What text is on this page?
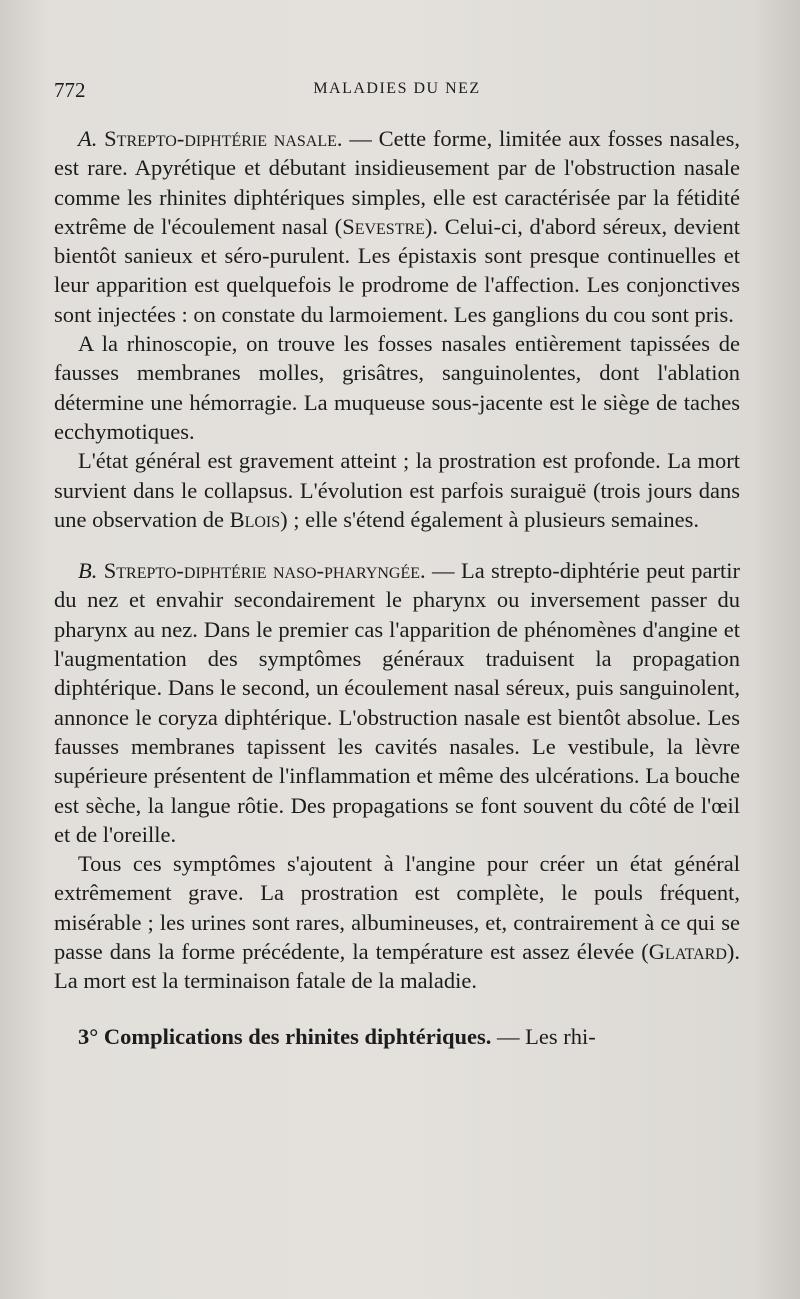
772	MALADIES DU NEZ

A. Strepto-diphtérie nasale. — Cette forme, limitée aux fosses nasales, est rare. Apyrétique et débutant insidieusement par de l'obstruction nasale comme les rhinites diphtériques simples, elle est caractérisée par la fétidité extrême de l'écoulement nasal (Sevestre). Celui-ci, d'abord séreux, devient bientôt sanieux et séro-purulent. Les épistaxis sont presque continuelles et leur apparition est quelquefois le prodrome de l'affection. Les conjonctives sont injectées : on constate du larmoiement. Les ganglions du cou sont pris.

A la rhinoscopie, on trouve les fosses nasales entièrement tapissées de fausses membranes molles, grisâtres, sanguinolentes, dont l'ablation détermine une hémorragie. La muqueuse sous-jacente est le siège de taches ecchymotiques.

L'état général est gravement atteint ; la prostration est profonde. La mort survient dans le collapsus. L'évolution est parfois suraiguë (trois jours dans une observation de Blois) ; elle s'étend également à plusieurs semaines.

B. Strepto-diphtérie naso-pharyngée. — La strepto-diphtérie peut partir du nez et envahir secondairement le pharynx ou inversement passer du pharynx au nez. Dans le premier cas l'apparition de phénomènes d'angine et l'augmentation des symptômes généraux traduisent la propagation diphtérique. Dans le second, un écoulement nasal séreux, puis sanguinolent, annonce le coryza diphtérique. L'obstruction nasale est bientôt absolue. Les fausses membranes tapissent les cavités nasales. Le vestibule, la lèvre supérieure présentent de l'inflammation et même des ulcérations. La bouche est sèche, la langue rôtie. Des propagations se font souvent du côté de l'œil et de l'oreille.

Tous ces symptômes s'ajoutent à l'angine pour créer un état général extrêmement grave. La prostration est complète, le pouls fréquent, misérable ; les urines sont rares, albumineuses, et, contrairement à ce qui se passe dans la forme précédente, la température est assez élevée (Glatard). La mort est la terminaison fatale de la maladie.

3° Complications des rhinites diphtériques. — Les rhi-
